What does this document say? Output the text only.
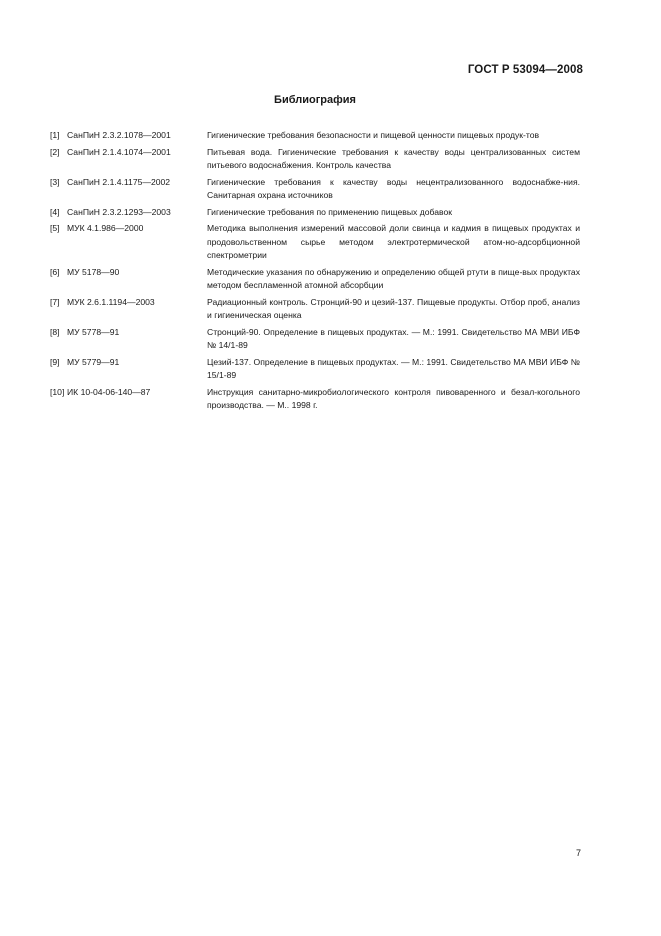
ГОСТ Р 53094—2008
Библиография
[1] СанПиН 2.3.2.1078—2001	Гигиенические требования безопасности и пищевой ценности пищевых продук-тов
[2] СанПиН 2.1.4.1074—2001	Питьевая вода. Гигиенические требования к качеству воды централизованных систем питьевого водоснабжения. Контроль качества
[3] СанПиН 2.1.4.1175—2002	Гигиенические требования к качеству воды нецентрализованного водоснабже-ния. Санитарная охрана источников
[4] СанПиН 2.3.2.1293—2003	Гигиенические требования по применению пищевых добавок
[5] МУК 4.1.986—2000	Методика выполнения измерений массовой доли свинца и кадмия в пищевых продуктах и продовольственном сырье методом электротермической атом-но-адсорбционной спектрометрии
[6] МУ 5178—90	Методические указания по обнаружению и определению общей ртути в пище-вых продуктах методом беспламенной атомной абсорбции
[7] МУК 2.6.1.1194—2003	Радиационный контроль. Стронций-90 и цезий-137. Пищевые продукты. Отбор проб, анализ и гигиеническая оценка
[8] МУ 5778—91	Стронций-90. Определение в пищевых продуктах. — М.: 1991. Свидетельство МА МВИ ИБФ № 14/1-89
[9] МУ 5779—91	Цезий-137. Определение в пищевых продуктах. — М.: 1991. Свидетельство МА МВИ ИБФ № 15/1-89
[10] ИК 10-04-06-140—87	Инструкция санитарно-микробиологического контроля пивоваренного и безал-когольного производства. — М.. 1998 г.
7
